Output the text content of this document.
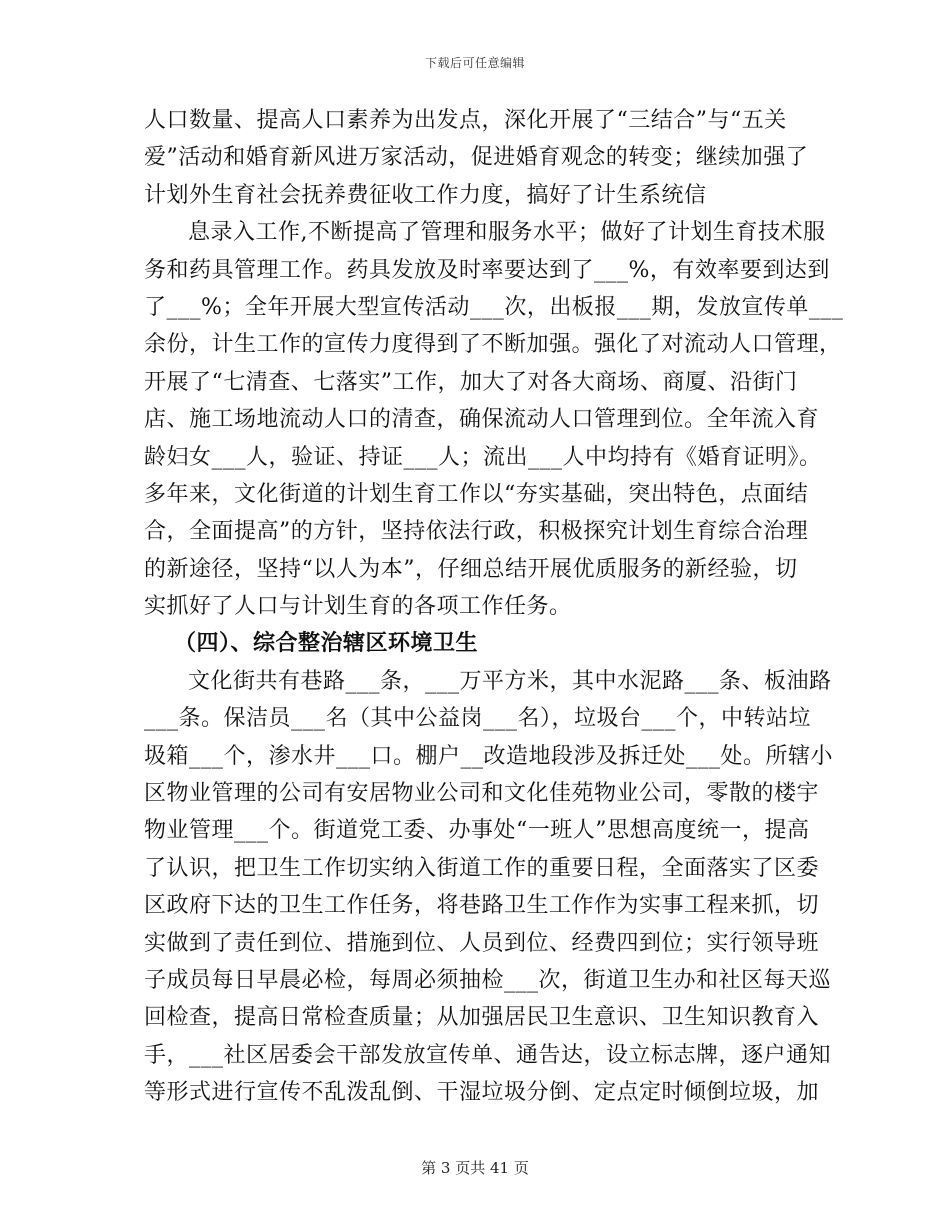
下载后可任意编辑
人口数量、提高人口素养为出发点，深化开展了“三结合”与“五关
爱”活动和婚育新风进万家活动，促进婚育观念的转变；继续加强了
计划外生育社会抚养费征收工作力度，搞好了计生系统信
息录入工作,不断提高了管理和服务水平；做好了计划生育技术服
务和药具管理工作。药具发放及时率要达到了___%，有效率要到达到
了___%；全年开展大型宣传活动___次，出板报___期，发放宣传单___
余份，计生工作的宣传力度得到了不断加强。强化了对流动人口管理，
开展了“七清查、七落实”工作，加大了对各大商场、商厦、沿街门
店、施工场地流动人口的清查，确保流动人口管理到位。全年流入育
龄妇女___人，验证、持证___人；流出___人中均持有《婚育证明》。
多年来，文化街道的计划生育工作以“夯实基础，突出特色，点面结
合，全面提高”的方针，坚持依法行政，积极探究计划生育综合治理
的新途径，坚持“以人为本”，仔细总结开展优质服务的新经验，切
实抓好了人口与计划生育的各项工作任务。
（四）、综合整治辖区环境卫生
文化街共有巷路___条，___万平方米，其中水泥路___条、板油路
___条。保洁员___名（其中公益岗___名），垃圾台___个，中转站垃
圾箱___个，渗水井___口。棚户__改造地段涉及拆迁处___处。所辖小
区物业管理的公司有安居物业公司和文化佳苑物业公司，零散的楼宇
物业管理___个。街道党工委、办事处“一班人”思想高度统一，提高
了认识，把卫生工作切实纳入街道工作的重要日程，全面落实了区委
区政府下达的卫生工作任务，将巷路卫生工作作为实事工程来抓，切
实做到了责任到位、措施到位、人员到位、经费四到位；实行领导班
子成员每日早晨必检，每周必须抽检___次，街道卫生办和社区每天巡
回检查，提高日常检查质量；从加强居民卫生意识、卫生知识教育入
手，___社区居委会干部发放宣传单、通告达，设立标志牌，逐户通知
等形式进行宣传不乱泼乱倒、干湿垃圾分倒、定点定时倾倒垃圾，加
第 3 页共 41 页
